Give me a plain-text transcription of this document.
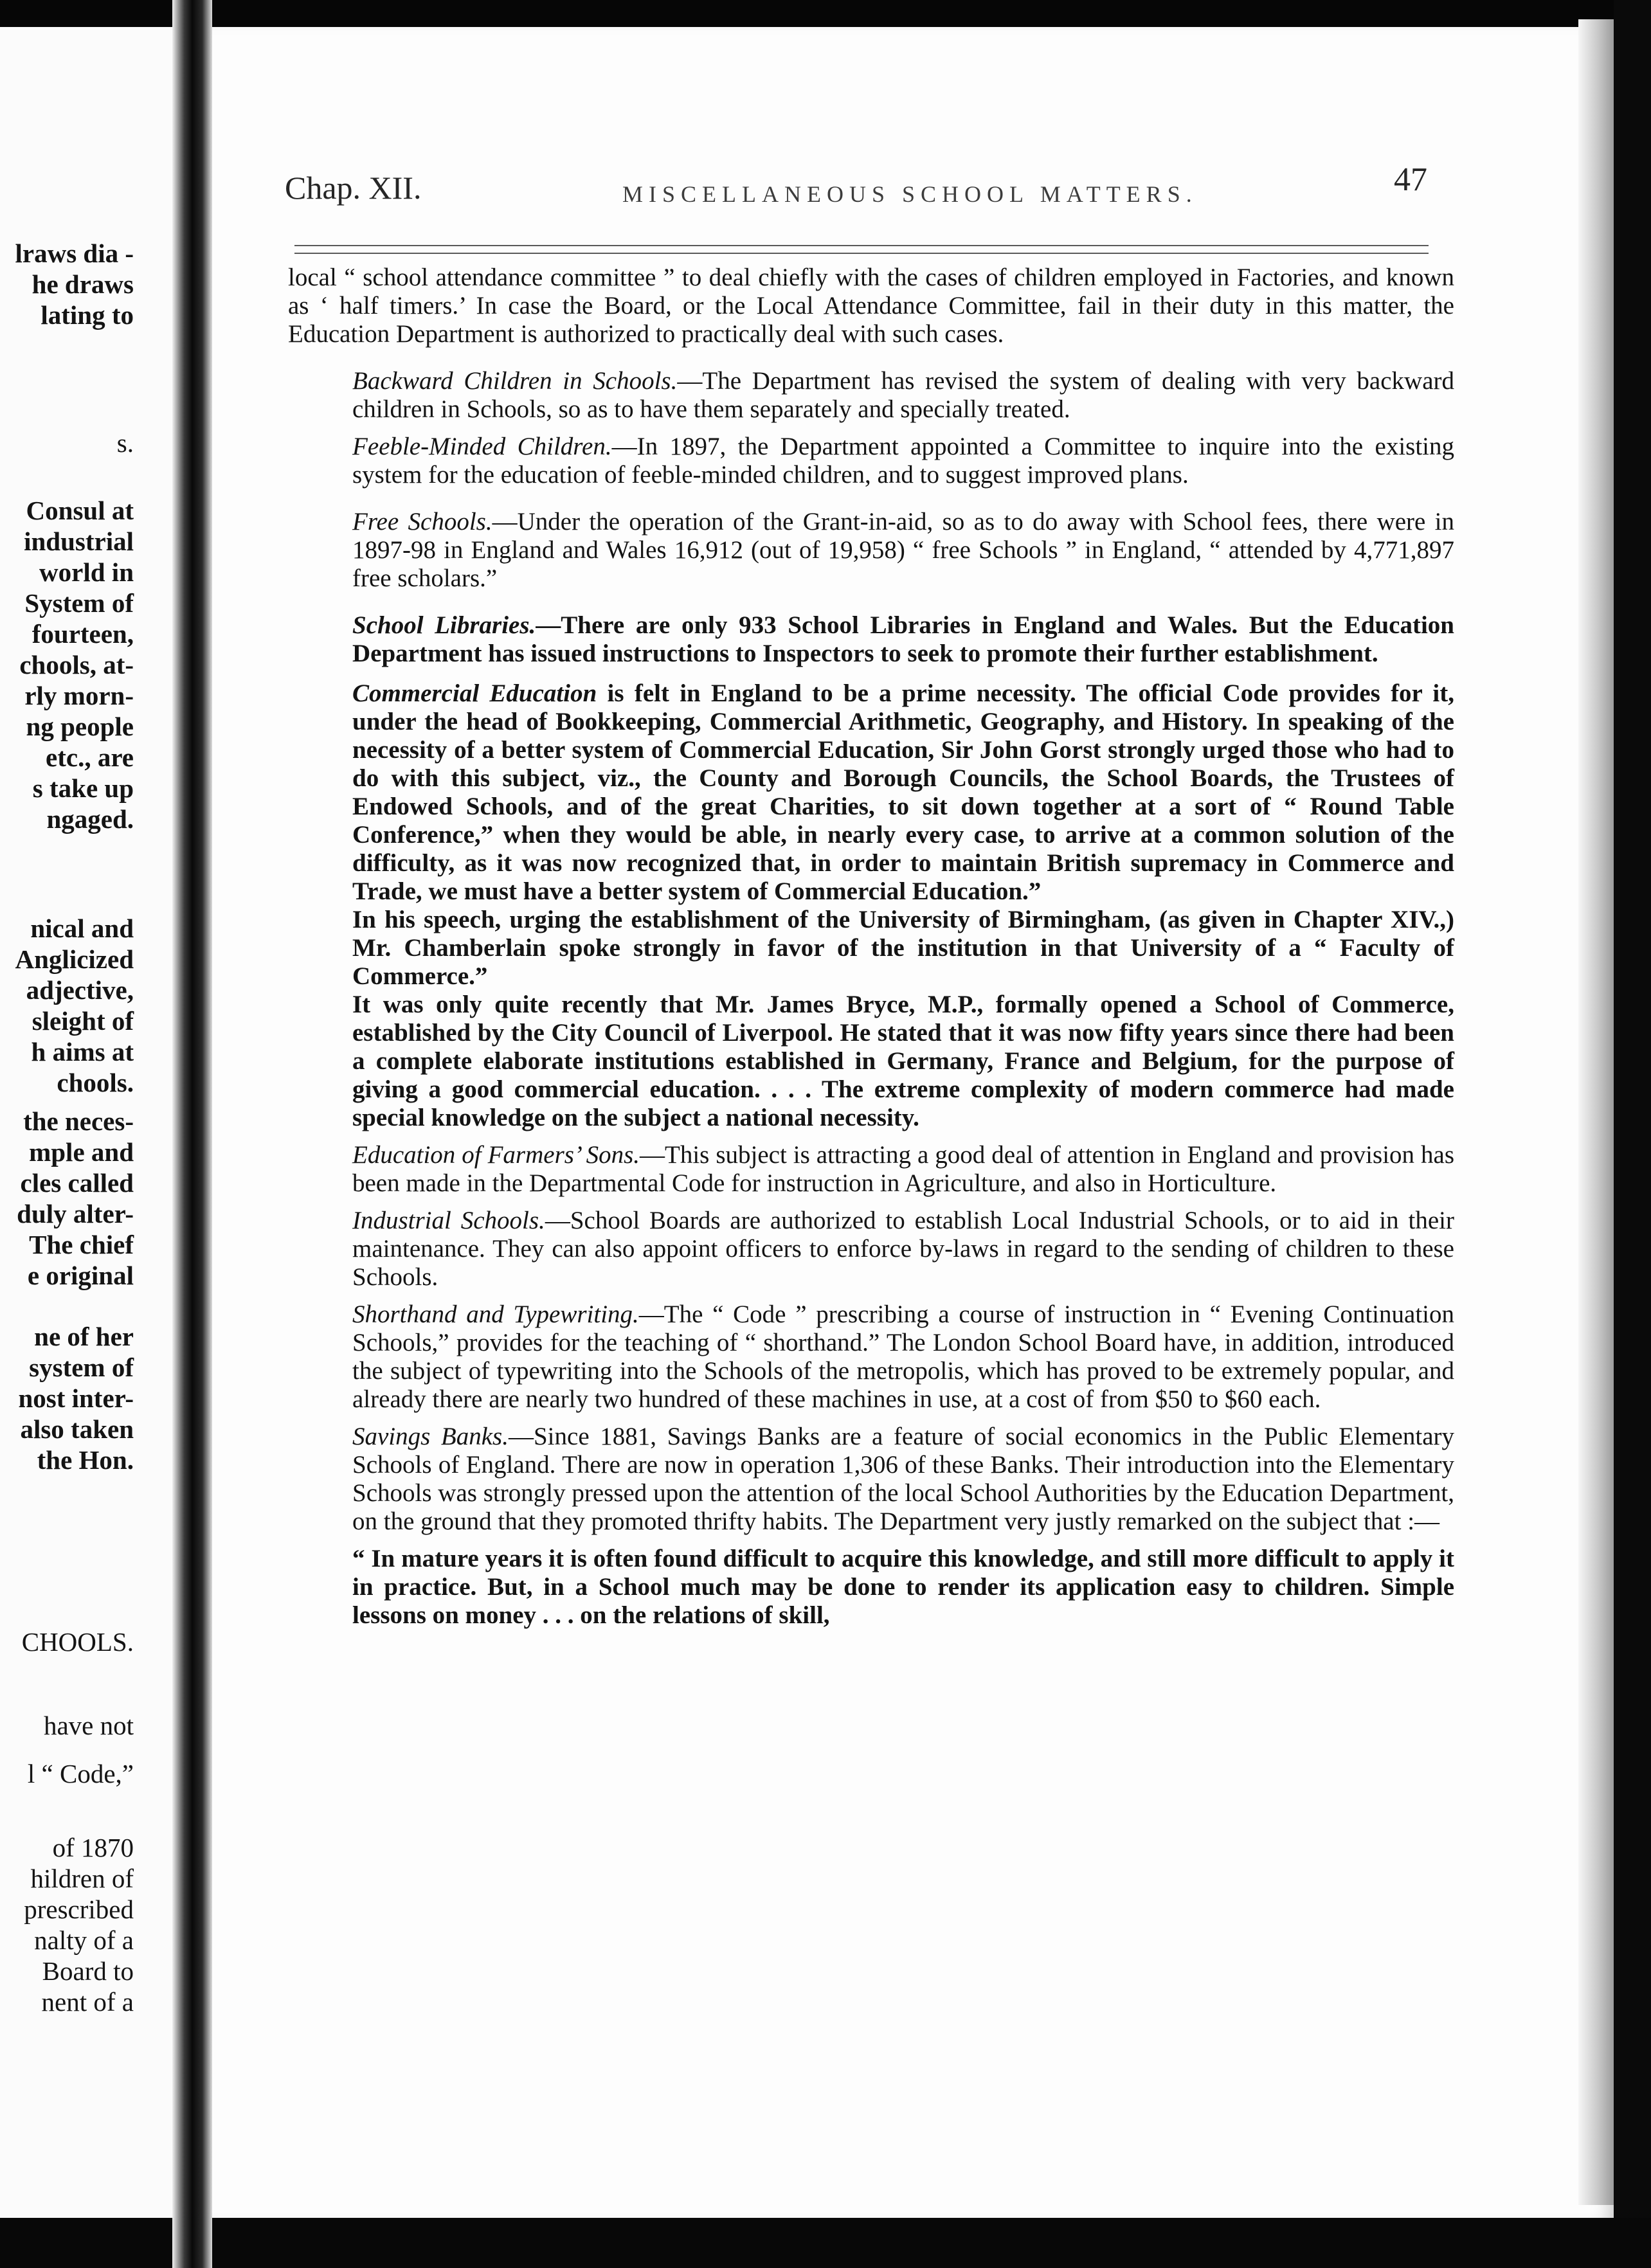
lraws dia -
he draws
lating to
s.
Consul at
industrial
world in
System of
fourteen,
chools, at-
rly morn-
ng people
etc., are
s take up
ngaged.
nical and
Anglicized
adjective,
sleight of
h aims at
chools.
the neces-
mple and
cles called
duly alter-
The chief
e original
ne of her
system of
nost inter-
also taken
the Hon.
CHOOLS.
have not
l “ Code,”
of 1870
hildren of
prescribed
nalty of a
Board to
nent of a
Chap. XII.	MISCELLANEOUS SCHOOL MATTERS.	47

local “ school attendance committee ” to deal chiefly with the cases of children employed in Factories, and known as ‘ half timers.’ In case the Board, or the Local Attendance Committee, fail in their duty in this matter, the Education Department is authorized to practically deal with such cases.

Backward Children in Schools.—The Department has revised the system of dealing with very backward children in Schools, so as to have them separately and specially treated.

Feeble-Minded Children.—In 1897, the Department appointed a Committee to inquire into the existing system for the education of feeble-minded children, and to suggest improved plans.

Free Schools.—Under the operation of the Grant-in-aid, so as to do away with School fees, there were in 1897-98 in England and Wales 16,912 (out of 19,958) “ free Schools ” in England, “ attended by 4,771,897 free scholars.”

School Libraries.—There are only 933 School Libraries in England and Wales. But the Education Department has issued instructions to Inspectors to seek to promote their further establishment.

Commercial Education is felt in England to be a prime necessity. The official Code provides for it, under the head of Bookkeeping, Commercial Arithmetic, Geography, and History. In speaking of the necessity of a better system of Commercial Education, Sir John Gorst strongly urged those who had to do with this subject, viz., the County and Borough Councils, the School Boards, the Trustees of Endowed Schools, and of the great Charities, to sit down together at a sort of “ Round Table Conference,” when they would be able, in nearly every case, to arrive at a common solution of the difficulty, as it was now recognized that, in order to maintain British supremacy in Commerce and Trade, we must have a better system of Commercial Education.”

In his speech, urging the establishment of the University of Birmingham, (as given in Chapter XIV.,) Mr. Chamberlain spoke strongly in favor of the institution in that University of a “ Faculty of Commerce.”

It was only quite recently that Mr. James Bryce, M.P., formally opened a School of Commerce, established by the City Council of Liverpool. He stated that it was now fifty years since there had been a complete elaborate institutions established in Germany, France and Belgium, for the purpose of giving a good commercial education. . . . The extreme complexity of modern commerce had made special knowledge on the subject a national necessity.

Education of Farmers’ Sons.—This subject is attracting a good deal of attention in England and provision has been made in the Departmental Code for instruction in Agriculture, and also in Horticulture.

Industrial Schools.—School Boards are authorized to establish Local Industrial Schools, or to aid in their maintenance. They can also appoint officers to enforce by-laws in regard to the sending of children to these Schools.

Shorthand and Typewriting.—The “ Code ” prescribing a course of instruction in “ Evening Continuation Schools,” provides for the teaching of “ shorthand.” The London School Board have, in addition, introduced the subject of typewriting into the Schools of the metropolis, which has proved to be extremely popular, and already there are nearly two hundred of these machines in use, at a cost of from $50 to $60 each.

Savings Banks.—Since 1881, Savings Banks are a feature of social economics in the Public Elementary Schools of England. There are now in operation 1,306 of these Banks. Their introduction into the Elementary Schools was strongly pressed upon the attention of the local School Authorities by the Education Department, on the ground that they promoted thrifty habits. The Department very justly remarked on the subject that :—

“ In mature years it is often found difficult to acquire this knowledge, and still more difficult to apply it in practice. But, in a School much may be done to render its application easy to children. Simple lessons on money . . . on the relations of skill,
